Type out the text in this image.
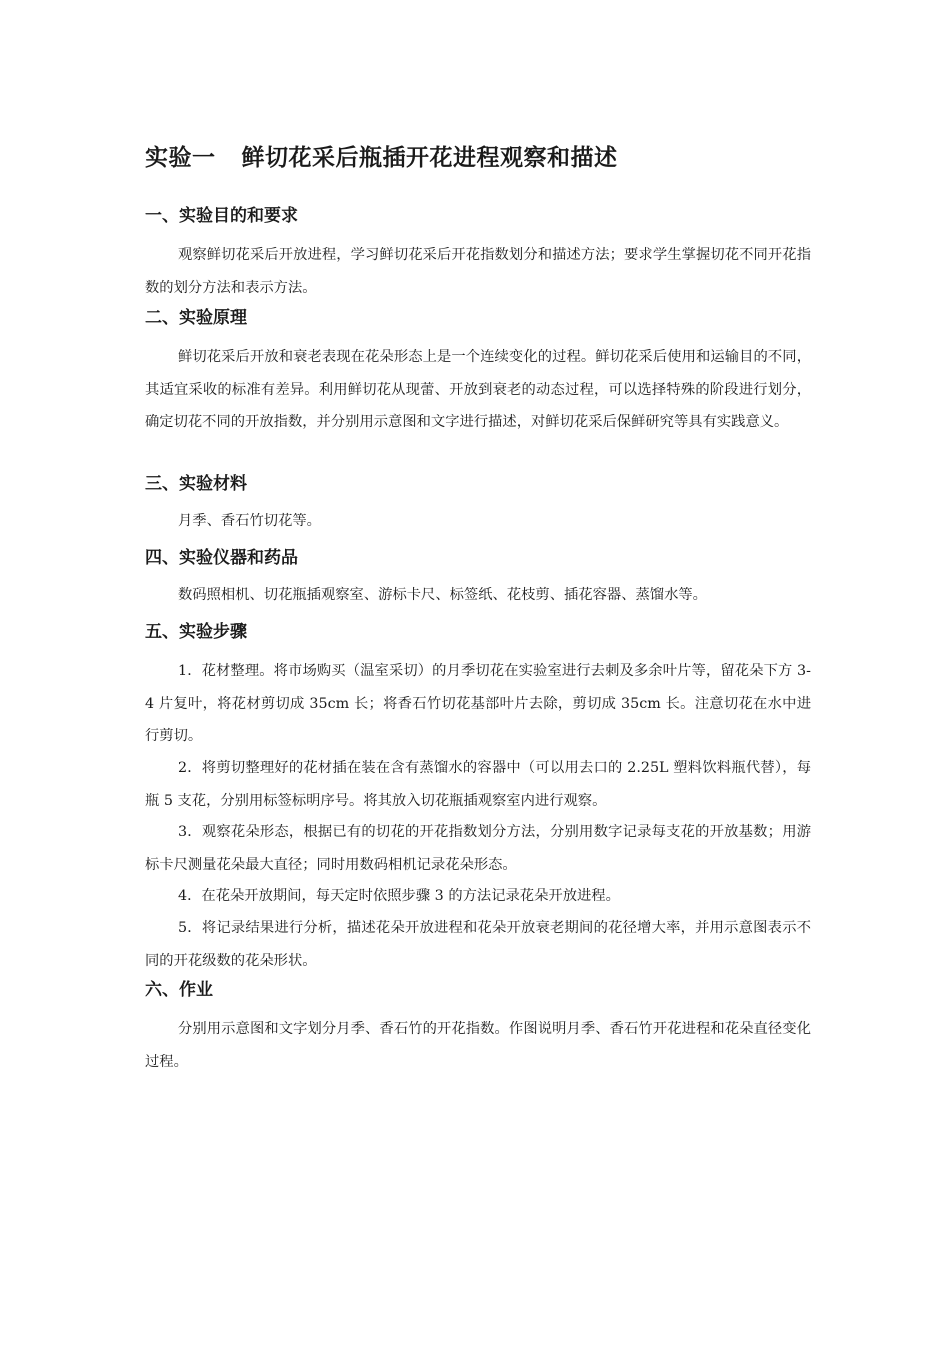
实验一 鲜切花采后瓶插开花进程观察和描述
一、实验目的和要求

观察鲜切花采后开放进程，学习鲜切花采后开花指数划分和描述方法；要求学生掌握切花不同开花指数的划分方法和表示方法。

二、实验原理

鲜切花采后开放和衰老表现在花朵形态上是一个连续变化的过程。鲜切花采后使用和运输目的不同，其适宜采收的标准有差异。利用鲜切花从现蕾、开放到衰老的动态过程，可以选择特殊的阶段进行划分，确定切花不同的开放指数，并分别用示意图和文字进行描述，对鲜切花采后保鲜研究等具有实践意义。

三、实验材料

月季、香石竹切花等。

四、实验仪器和药品

数码照相机、切花瓶插观察室、游标卡尺、标签纸、花枝剪、插花容器、蒸馏水等。

五、实验步骤

1．花材整理。将市场购买（温室采切）的月季切花在实验室进行去刺及多余叶片等，留花朵下方 3-4 片复叶，将花材剪切成 35cm 长；将香石竹切花基部叶片去除，剪切成 35cm 长。注意切花在水中进行剪切。

2．将剪切整理好的花材插在装在含有蒸馏水的容器中（可以用去口的 2.25L 塑料饮料瓶代替），每瓶 5 支花，分别用标签标明序号。将其放入切花瓶插观察室内进行观察。

3．观察花朵形态，根据已有的切花的开花指数划分方法，分别用数字记录每支花的开放基数；用游标卡尺测量花朵最大直径；同时用数码相机记录花朵形态。

4．在花朵开放期间，每天定时依照步骤 3 的方法记录花朵开放进程。

5．将记录结果进行分析，描述花朵开放进程和花朵开放衰老期间的花径增大率，并用示意图表示不同的开花级数的花朵形状。

六、作业

分别用示意图和文字划分月季、香石竹的开花指数。作图说明月季、香石竹开花进程和花朵直径变化过程。
